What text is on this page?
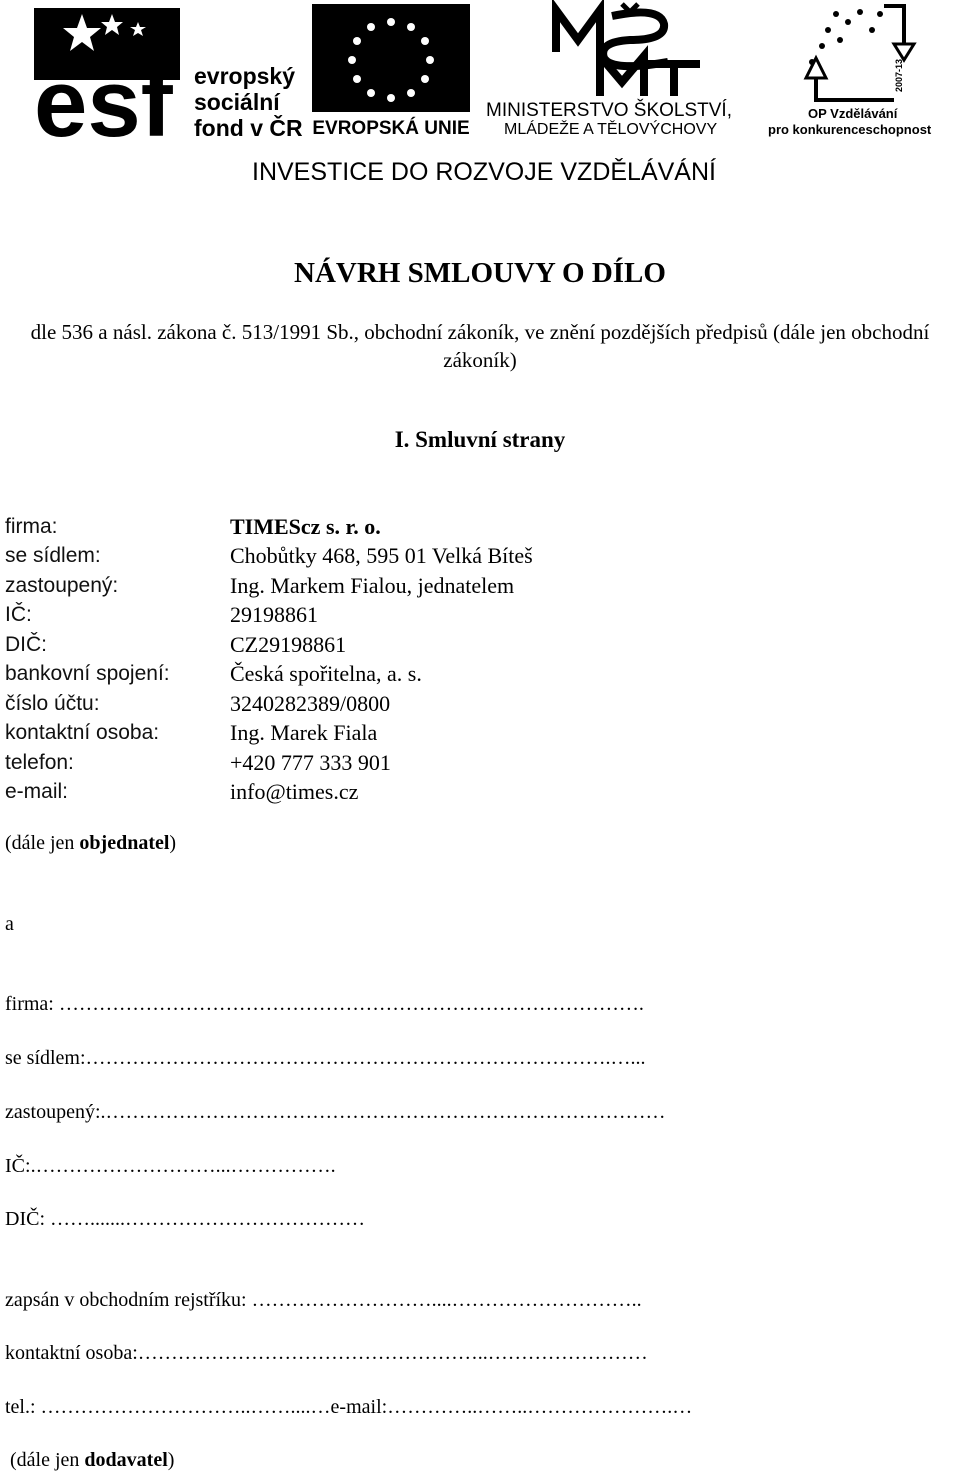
esf evropský
sociální
fond v ČR EVROPSKÁ UNIE
MINISTERSTVO ŠKOLSTVÍ,
MLÁDEŽE A TĚLOVÝCHOVY
2007-13
OP Vzdělávání
pro konkurenceschopnost
INVESTICE DO ROZVOJE VZDĚLÁVÁNÍ
NÁVRH SMLOUVY O DÍLO
dle 536 a násl. zákona č. 513/1991 Sb., obchodní zákoník, ve znění pozdějších předpisů (dále jen obchodní zákoník)
I. Smluvní strany
firma:	TIMEScz s. r. o.
se sídlem:	Chobůtky 468, 595 01 Velká Bíteš
zastoupený:	Ing. Markem Fialou, jednatelem
IČ:	29198861
DIČ:	CZ29198861
bankovní spojení:	Česká spořitelna, a. s.
číslo účtu:	3240282389/0800
kontaktní osoba:	Ing. Marek Fiala
telefon:	+420 777 333 901
e-mail:	info@times.cz
(dále jen objednatel)
a
firma: …………………………………………………………………………….
se sídlem:…………………………………………………………………….…...
zastoupený:.…………………………………………………………………………
IČ:.………………………...…………….
DIČ: …….......………………………………
zapsán v obchodním rejstříku: ………………………....………………………..
kontaktní osoba:……………………………………………..……………………
tel.: …………………………..……....…e-mail:…………..……..………………….…
(dále jen dodavatel)
